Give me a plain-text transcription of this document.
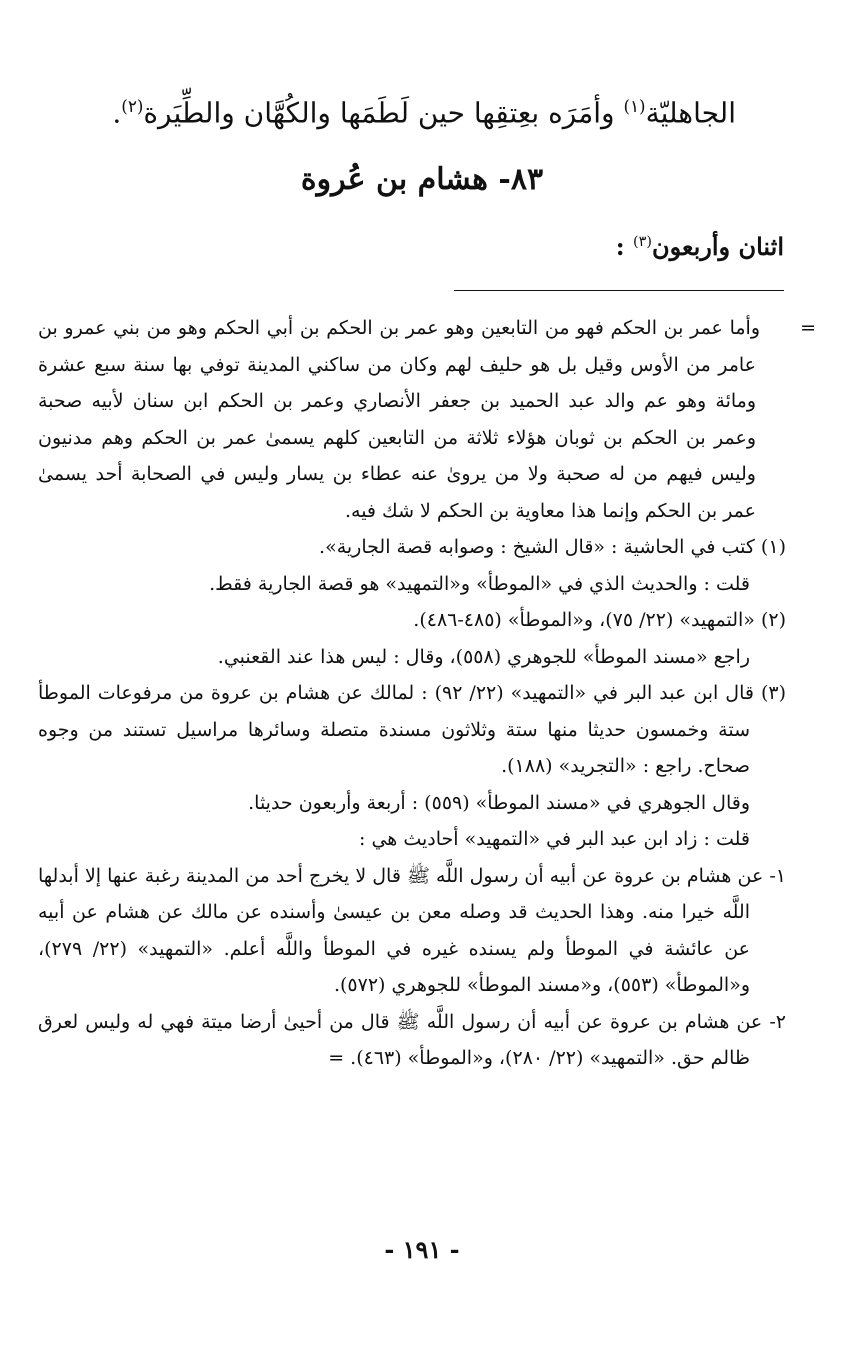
الجاهليّة$^{(١)}$ وأمَرَه بعِتقِها حين لَطَمَها والكُهَّان والطِّيَرة$^{(٢)}$.
٨٣- هشام بن عُروة
اثنان وأربعون$^{(٣)}$ :

=وأما عمر بن الحكم فهو من التابعين وهو عمر بن الحكم بن أبي الحكم وهو من بني عمرو بن عامر من الأوس وقيل بل هو حليف لهم وكان من ساكني المدينة توفي بها سنة سبع عشرة ومائة وهو عم والد عبد الحميد بن جعفر الأنصاري وعمر بن الحكم ابن سنان لأبيه صحبة وعمر بن الحكم بن ثوبان هؤلاء ثلاثة من التابعين كلهم يسمىٰ عمر بن الحكم وهم مدنيون وليس فيهم من له صحبة ولا من يرو‌ىٰ عنه عطاء بن يسار وليس في الصحابة أحد يسمىٰ عمر بن الحكم وإنما هذا معاوية بن الحكم لا شك فيه.

(١) كتب في الحاشية : «قال الشيخ : وصوابه قصة الجارية».

قلت : والحديث الذي في «الموطأ» و«التمهيد» هو قصة الجارية فقط.

(٢) «التمهيد» (٢٢/ ٧٥)، و«الموطأ» (٤٨٥-٤٨٦).

راجع «مسند الموطأ» للجوهري (٥٥٨)، وقال : ليس هذا عند القعنبي.

(٣) قال ابن عبد البر في «التمهيد» (٢٢/ ٩٢) : لمالك عن هشام بن عروة من مرفوعات الموطأ ستة وخمسون حديثا منها ستة وثلاثون مسندة متصلة وسائرها مراسيل تستند من وجوه صحاح. راجع : «التجريد» (١٨٨).

وقال الجوهري في «مسند الموطأ» (٥٥٩) : أربعة وأربعون حديثا.

قلت : زاد ابن عبد البر في «التمهيد» أحاديث هي :

١- عن هشام بن عروة عن أبيه أن رسول اللَّه ﷺ قال لا يخرج أحد من المدينة رغبة عنها إلا أبدلها اللَّه خيرا منه. وهذا الحديث قد وصله معن بن عيسىٰ وأسنده عن مالك عن هشام عن أبيه عن عائشة في الموطأ ولم يسنده غيره في الموطأ واللَّه أعلم. «التمهيد» (٢٢/ ٢٧٩)، و«الموطأ» (٥٥٣)، و«مسند الموطأ» للجوهري (٥٧٢).

٢- عن هشام بن عروة عن أبيه أن رسول اللَّه ﷺ قال من أحيىٰ أرضا ميتة فهي له وليس لعرق ظالم حق. «التمهيد» (٢٢/ ٢٨٠)، و«الموطأ» (٤٦٣). =

- ١٩١ -
